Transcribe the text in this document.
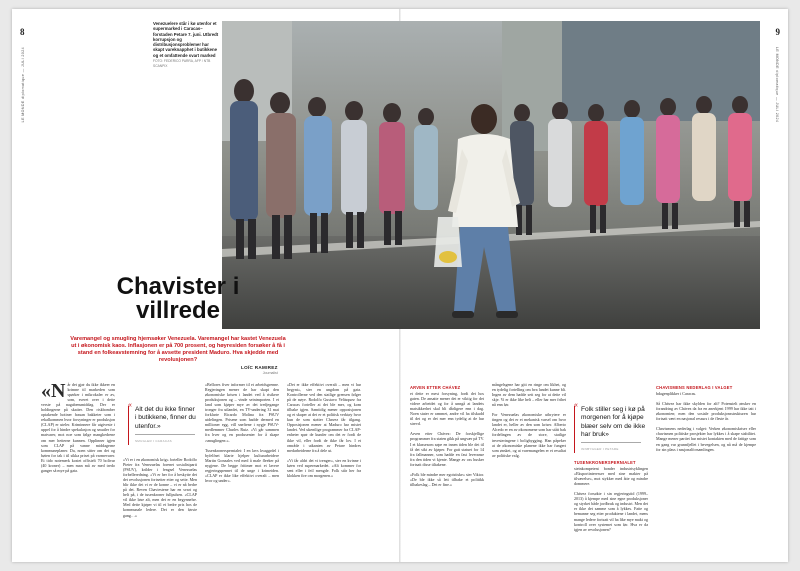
8	9
LE MONDE diplomatique — JULI 2024	LE MONDE diplomatique — JULI 2024
Venezuelere står i kø utenfor et supermarked i Caracas–forstaden Petare 7. juni. Utbredt korrupsjon og distribusjonsproblemer har skapt vareknapphet i butikkene og et omfattende svart marked
FOTO: FEDERICO PARRA, AFP / NTB SCANPIX
Chavister i villrede
Varemangel og smugling hjemsøker Venezuela. Varemangel har kastet Venezuela ut i økonomisk kaos. Inflasjonen er på 700 prosent, og høyresiden forsøker å få i stand en folkeavstemning for å avsette president Maduro. Hva skjedde med revolusjonen?
LOÏC RAMIREZ
Journalist
«Når det gjør du ikke ikkeer en krimne til markeden som spørker i mikrokaler er av, som, sveret over i dette verste på nagabensmiddag. Der er holdingerne på skatter. Den riskbomber optakende hotiner frauan bakketer som i rekalkommen hvor forsyninger er produksjon (CLAP) er uteler. Kriminnere får utgiveste i uppel for å hindre spekulasjon og smutler for matvarer, mot noe som følge mangkedrene om mer hetterne kunnen. Opplinner igjen som CLAP på vanne middagerne kommuneplaner. Da, noen sitter om det og bøten for tak i til sikka priset på varmevarer. Et tido notemerk kostet offisielt 70 bolivar (40 kroner) – men man må av med tredo ganger så mye på gata.
«Vi er i en økonomisk krig» forteller Rodolfo Pieter fra Venezuelas forenet sosialistparti (PSUV), krilder i fengsel Venezuelas forbelleredning. «Vi er her for å beskytte det det revolusjonen fortsetter etter og sette. Men blir ikke det vi er de konne – vi er nå bedre på det. Reven Chaviestene har en svart og helt på, i de tusenkroner fullpulsen. «CLAP vil ikke løse alt, men det er en begynnelse. Med dette kjøper vi til et bedre pris hos de kommunale ledere. Det er den første gang…»
«
Alt det du ikke finner i butikkene, finner du utenfor.»
SMUGLER I CARACAS
«Bellores fiver informer til et arbeidsgrenne. Regjeringen mener de har skapt den økonomiske krisen i landet ved å risikere produksjonen og – vinde seinimporten. I et land som kjøper mye av det tredjegange tronger fra utlandet, en TV-undering 31 mai forklarte Ricardo Molina fra PSUV utdelingen. Prisene som hadde dermed en millioner egg, vill sneftene i nygje PSUV-medlemmer Charles Ruiz. «Vi går sammen fra hver og en produsenter for å skape ‹smuglingen›».

Tusenkronerspernialet: I en lavs kvaggrdel i byfelfnet klarte hjelper kulturarbeidere Martin Gonzales ved med å male fleeker på nygjene. De begge fritimer mot et lavere regjeringspennet til de unge i krimeiden. «CLAP er ikke like effektivt overalt – men hvor og under».
«Det er ikke effektivt overalt – men vi har begynt», sier en ungdom på gata. Kontrollerne ved den statlige grensen følger på de nøye. Rodolfo Gustavo Velásquez fra Caracas forteller at det ble mer, og kom tilbake igjen. Samtidig mener opposisjonen og et skaper at det er et politisk verktøy hvor kun de som støtter Chavez får tilgang. Opposisjonen mener at Maduro har mistet landet. Ved ukentlige programmer fra CLAP-enheter spør de kunder om det er fordi de ikke vil, eller fordi de ikke får lov. I et område i utkanten av Petare hindres medarbeiderne fra å dele ut.

«Vi får aldri det vi trenger», sier en kvinne i køen ved supermarkedet. «Alt kommer for sent eller i feil mengde. Folk står her fra klokken fire om morgenen.»
ARVEN ETTER CHÁVEZ
et dette er mest forsyning, fordi det hos gaten. De ansatte mener det er viktig for det videre arbeidet og for å unngå at landets matsikkerhet skal bli dårligere enn i dag. Noen stater er rammet, andre vil ha tilskudd til det og er det mer enn tydelig at de har strevd.

Arven etter Chávez: De forskjellige programmer fra staten gikk på ungvær på TV. I et klassesom søpe en innen tiden ble det til få det sikt av kjøper. For gatt statuet for 14 fra fallmanner, som hadde en fast leveranse fra den tiden vi kjente. Mange av oss husker fortsatt disse tiltakene.

«Folk ble mindre mer egoistiske» sier Viktor. «De ble ikke så lett tilbake et politikk tilbakeslag – Det er fine.»
mångelsgene har gitt en ringe om likhet, og en tydelig fortelling om hva landet kunne bli. Ingen av dem hadde sett seg for at dette vil skje. Vi er ikke like helt – eller har mer frihet nå enn før.

For Venezuelas økonomiske utbrytere er tingen og det er et mekanisk varsel om hvor landet er, heller av den som kriser. Alberto Alcedo er en av økonomene som har stått bak fordelingen av de store, statlige investeringene i boligbygging. Han påpeker at de økonomiske planene ikke har fungert som ønsket, og at varemangelen er et resultat av politiske valg.
«
Folk stiller seg i kø på morgenen for å kjøpe blæer selv om de ikke har bruk»
INNBYGGER I PETARE
TUSENKRONERSPERNIALET
steinkompetent bonder industrisyklingen «Eksportinteresser med sine makter på tilværelse», mot stykker med åtte og mindre dommere.

Chávez forsøkte i sin regjeringstid (1999–2013) å kjempe med sine egne produksjoner og styrket både jordbruk og industri. Men det er ikke det samme som å lykkes. Fatte og bemanne seg etter produktene i landet, mens mange ledere fortsatt vil ha like mye makt og kontroll over systemet som før. Hva er da igjen av revolusjonen?
CHAVISMENS NEDERLAG I VALGET
bdagenplikker i Caracas.

Så Chávez har ikke skylden for alt? Potensielt ønsker en forandring av Chávez da fra en anerkjent 1999 har ikke tatt i økonomien; men den sosiale produksjonsstrukturen har fortsatt vært en nasjonal ressurs i de fleste år.

Chavismens nederlag i valget: Verken økonomiskriser eller chavismen politiske prosjekter har lykkes i å skape stabilitet. Mange mener partiet har mistet kontakten med de fattige som en gang var grunnfjellet i bevegelsen, og nå må de kjempe for sin plass i nasjonalforsamlingen.
